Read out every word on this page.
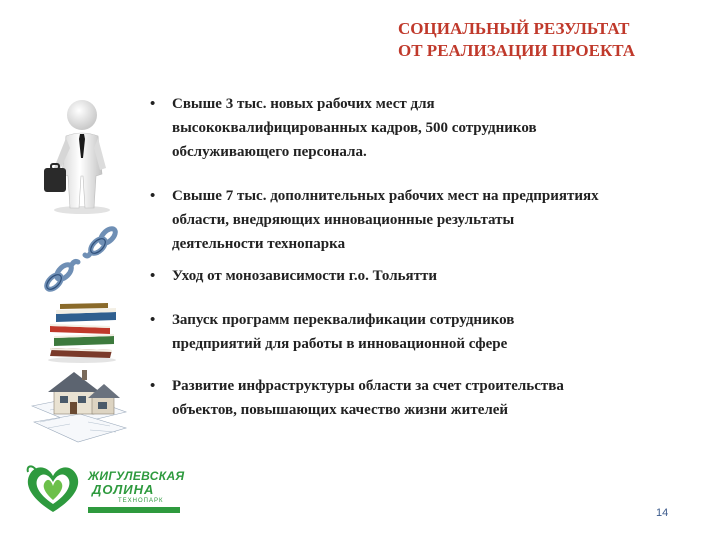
СОЦИАЛЬНЫЙ РЕЗУЛЬТАТ
ОТ РЕАЛИЗАЦИИ ПРОЕКТА
• Свыше 3 тыс. новых рабочих мест для
высококвалифицированных кадров, 500 сотрудников
обслуживающего персонала.
• Свыше 7 тыс. дополнительных рабочих мест на предприятиях
области, внедряющих инновационные результаты
деятельности технопарка
• Уход от монозависимости г.о. Тольятти
• Запуск программ переквалификации сотрудников
предприятий для работы в инновационной сфере
• Развитие инфраструктуры области за счет строительства
объектов, повышающих качество жизни жителей
ЖИГУЛЕВСКАЯ
ДОЛИНА
ТЕХНОПАРК
14
